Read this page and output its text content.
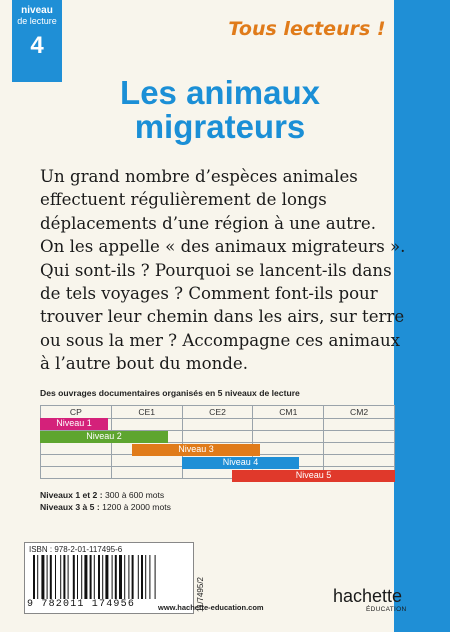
niveau
de lecture
4
Tous lecteurs !
Les animaux
migrateurs

Un grand nombre d’espèces animales

effectuent régulièrement de longs

déplacements d’une région à une autre.

On les appelle « des animaux migrateurs ».

Qui sont-ils ? Pourquoi se lancent-ils dans

de tels voyages ? Comment font-ils pour

trouver leur chemin dans les airs, sur terre

ou sous la mer ? Accompagne ces animaux

à l’autre bout du monde.

Des ouvrages documentaires organisés en 5 niveaux de lecture
CP	CE1	CE2	CM1	CM2

Niveau 1
Niveau 2
Niveau 3
Niveau 4
Niveau 5
Niveaux 1 et 2 : 300 à 600 mots
Niveaux 3 à 5 : 1200 à 2000 mots
ISBN : 978-2-01-117495-6
9 782011 174956	11/7495/2
www.hachette-education.com
hachette
ÉDUCATION
